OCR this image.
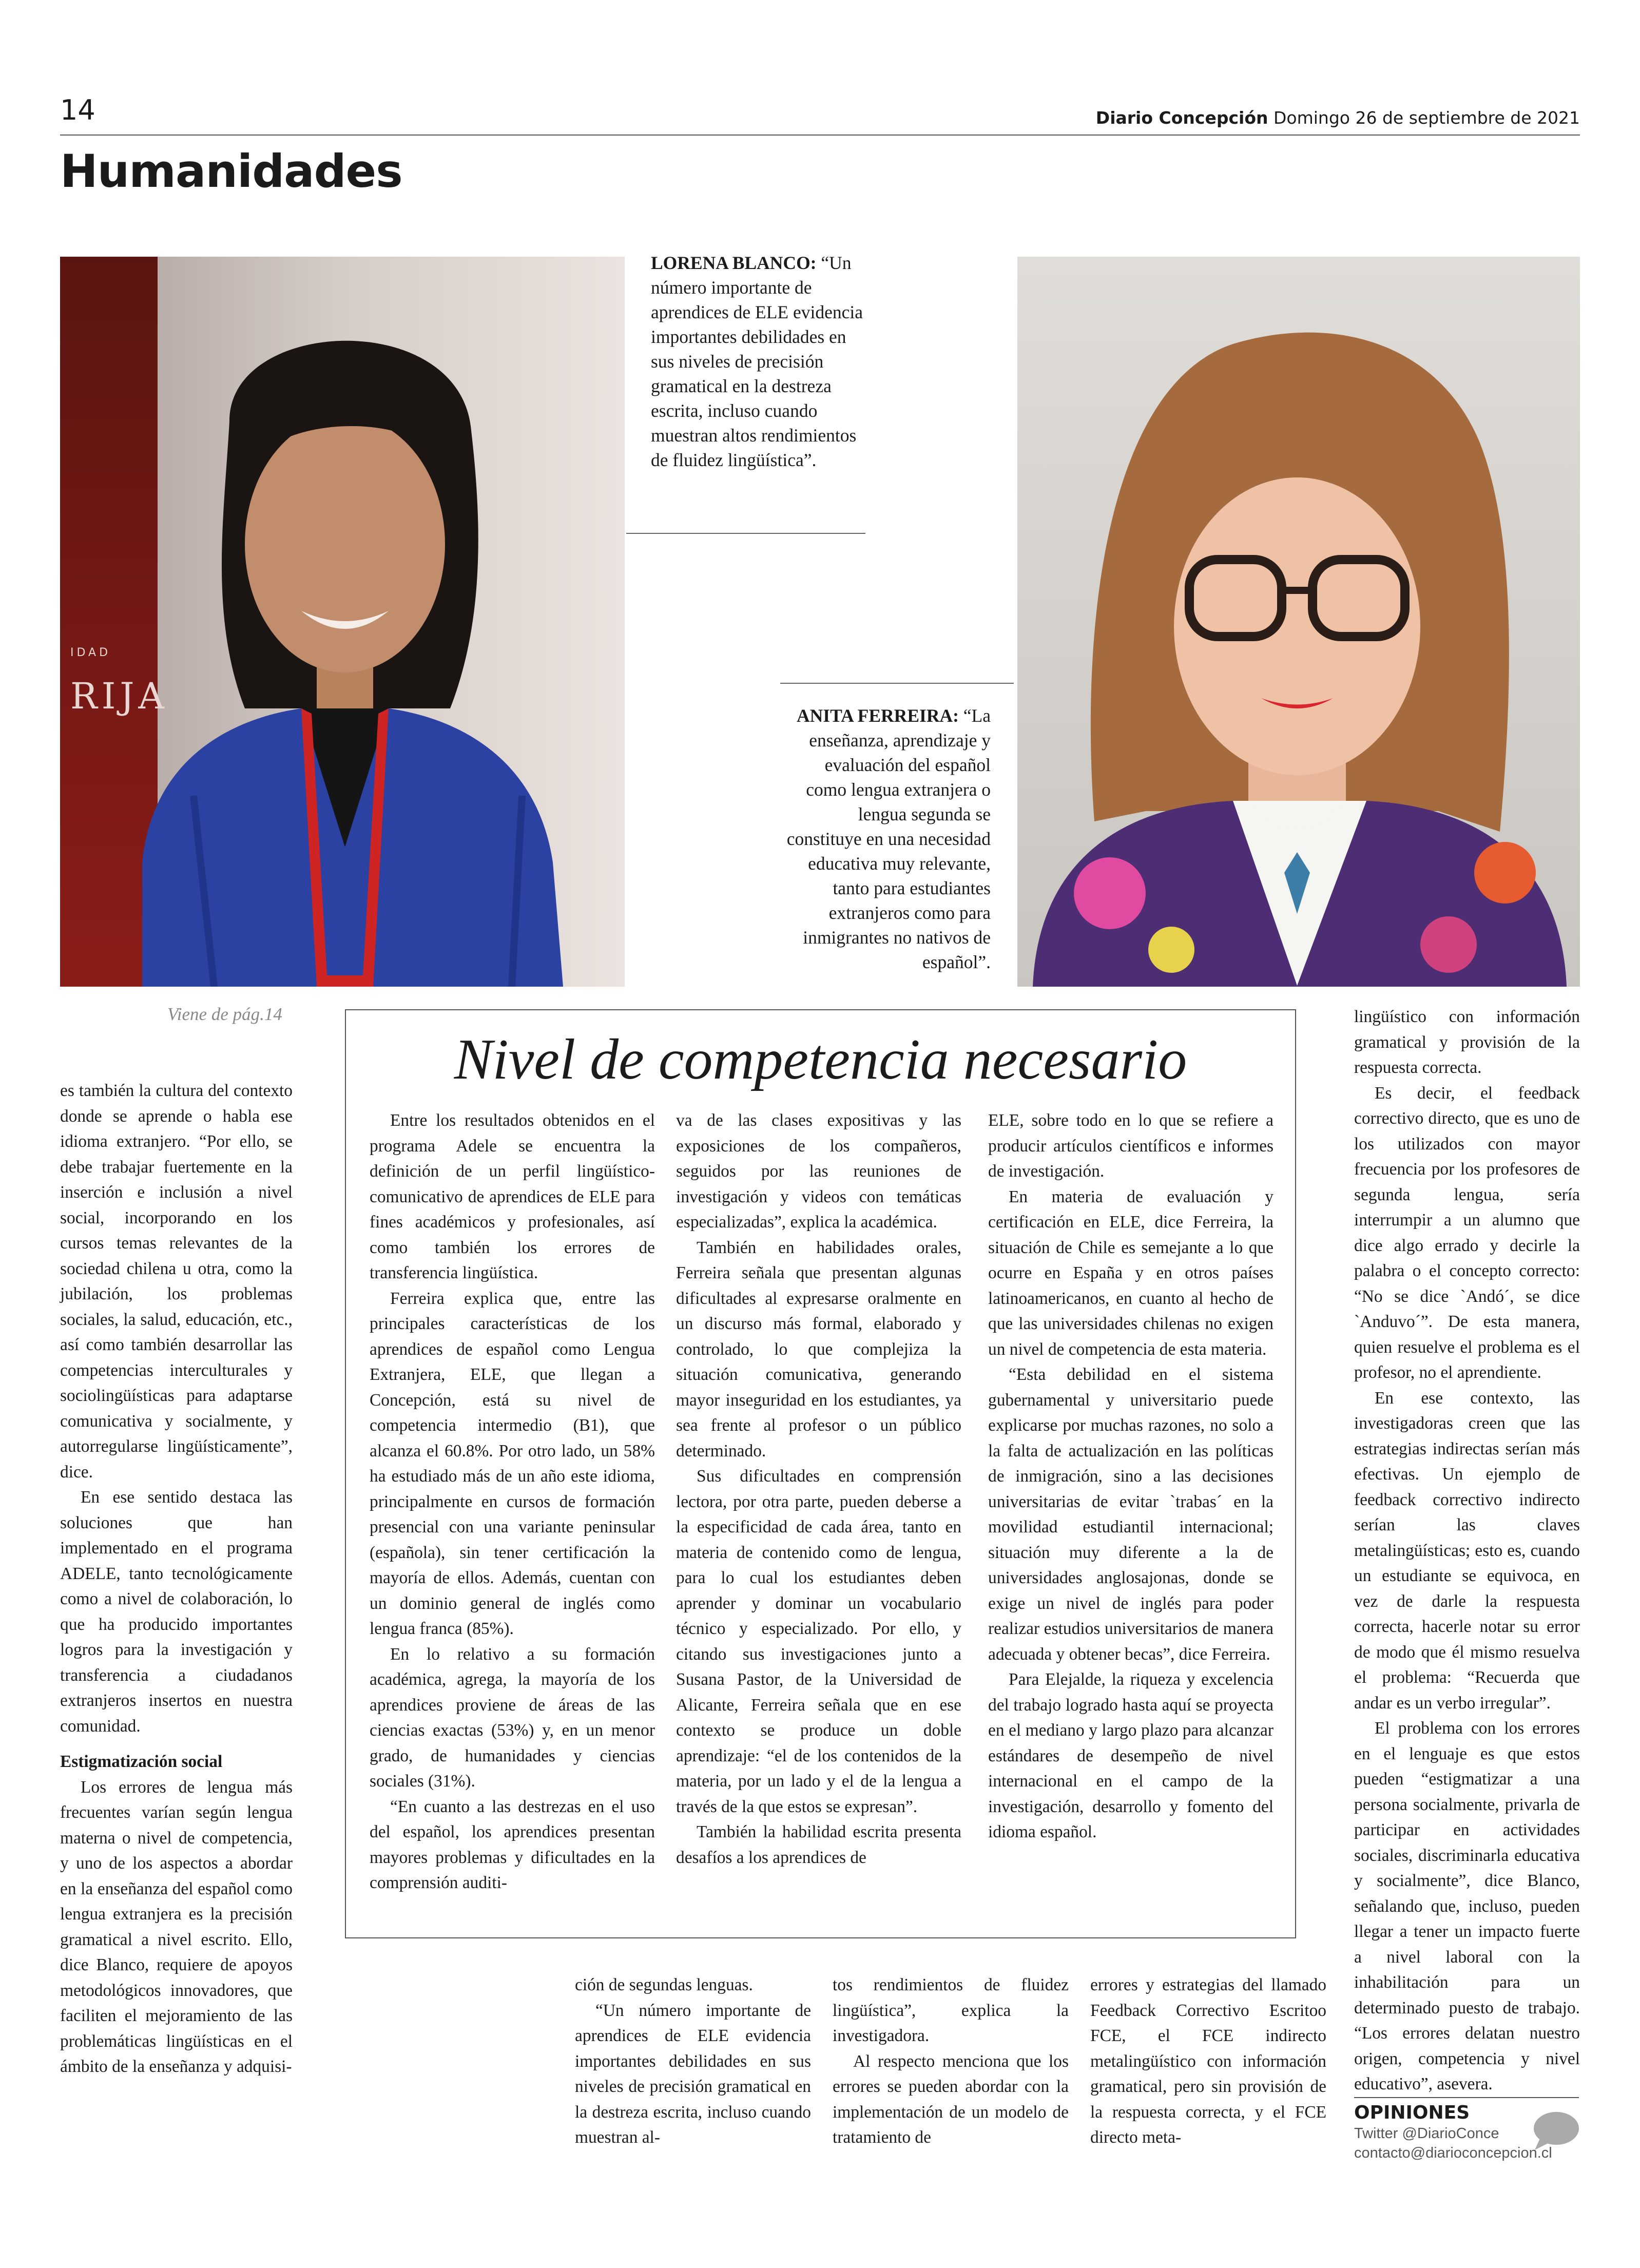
14	Diario Concepción Domingo 26 de septiembre de 2021
Humanidades
RIJA
IDAD
LORENA BLANCO: “Un número importante de aprendices de ELE evidencia importantes debilidades en sus niveles de precisión gramatical en la destreza escrita, incluso cuando muestran altos rendimientos de fluidez lingüística”.
ANITA FERREIRA: “La enseñanza, aprendizaje y evaluación del español como lengua extranjera o lengua segunda se constituye en una necesidad educativa muy relevante, tanto para estudiantes extranjeros como para inmigrantes no nativos de español”.
Viene de pág.14

es también la cultura del contexto donde se aprende o habla ese idioma extranjero. “Por ello, se debe trabajar fuertemente en la inserción e inclusión a nivel social, incorporando en los cursos temas relevantes de la sociedad chilena u otra, como la jubilación, los problemas sociales, la salud, educación, etc., así como también desarrollar las competencias interculturales y sociolingüísticas para adaptarse comunicativa y socialmente, y autorregularse lingüísticamente”, dice.

En ese sentido destaca las soluciones que han implementado en el programa ADELE, tanto tecnológicamente como a nivel de colaboración, lo que ha producido importantes logros para la investigación y transferencia a ciudadanos extranjeros insertos en nuestra comunidad.

Estigmatización social

Los errores de lengua más frecuentes varían según lengua materna o nivel de competencia, y uno de los aspectos a abordar en la enseñanza del español como lengua extranjera es la precisión gramatical a nivel escrito. Ello, dice Blanco, requiere de apoyos metodológicos innovadores, que faciliten el mejoramiento de las problemáticas lingüísticas en el ámbito de la enseñanza y adquisi-

Nivel de competencia necesario

Entre los resultados obtenidos en el programa Adele se encuentra la definición de un perfil lingüístico-comunicativo de aprendices de ELE para fines académicos y profesionales, así como también los errores de transferencia lingüística.

Ferreira explica que, entre las principales características de los aprendices de español como Lengua Extranjera, ELE, que llegan a Concepción, está su nivel de competencia intermedio (B1), que alcanza el 60.8%. Por otro lado, un 58% ha estudiado más de un año este idioma, principalmente en cursos de formación presencial con una variante peninsular (española), sin tener certificación la mayoría de ellos. Además, cuentan con un dominio general de inglés como lengua franca (85%).

En lo relativo a su formación académica, agrega, la mayoría de los aprendices proviene de áreas de las ciencias exactas (53%) y, en un menor grado, de humanidades y ciencias sociales (31%).

“En cuanto a las destrezas en el uso del español, los aprendices presentan mayores problemas y dificultades en la comprensión auditi-

va de las clases expositivas y las exposiciones de los compañeros, seguidos por las reuniones de investigación y videos con temáticas especializadas”, explica la académica.

También en habilidades orales, Ferreira señala que presentan algunas dificultades al expresarse oralmente en un discurso más formal, elaborado y controlado, lo que complejiza la situación comunicativa, generando mayor inseguridad en los estudiantes, ya sea frente al profesor o un público determinado.

Sus dificultades en comprensión lectora, por otra parte, pueden deberse a la especificidad de cada área, tanto en materia de contenido como de lengua, para lo cual los estudiantes deben aprender y dominar un vocabulario técnico y especializado. Por ello, y citando sus investigaciones junto a Susana Pastor, de la Universidad de Alicante, Ferreira señala que en ese contexto se produce un doble aprendizaje: “el de los contenidos de la materia, por un lado y el de la lengua a través de la que estos se expresan”.

También la habilidad escrita presenta desafíos a los aprendices de

ELE, sobre todo en lo que se refiere a producir artículos científicos e informes de investigación.

En materia de evaluación y certificación en ELE, dice Ferreira, la situación de Chile es semejante a lo que ocurre en España y en otros países latinoamericanos, en cuanto al hecho de que las universidades chilenas no exigen un nivel de competencia de esta materia.

“Esta debilidad en el sistema gubernamental y universitario puede explicarse por muchas razones, no solo a la falta de actualización en las políticas de inmigración, sino a las decisiones universitarias de evitar `trabas´ en la movilidad estudiantil internacional; situación muy diferente a la de universidades anglosajonas, donde se exige un nivel de inglés para poder realizar estudios universitarios de manera adecuada y obtener becas”, dice Ferreira.

Para Elejalde, la riqueza y excelencia del trabajo logrado hasta aquí se proyecta en el mediano y largo plazo para alcanzar estándares de desempeño de nivel internacional en el campo de la investigación, desarrollo y fomento del idioma español.

ción de segundas lenguas.

“Un número importante de aprendices de ELE evidencia importantes debilidades en sus niveles de precisión gramatical en la destreza escrita, incluso cuando muestran al-

tos rendimientos de fluidez lingüística”, explica la investigadora.

Al respecto menciona que los errores se pueden abordar con la implementación de un modelo de tratamiento de

errores y estrategias del llamado Feedback Correctivo Escritoo FCE, el FCE indirecto metalingüístico con información gramatical, pero sin provisión de la respuesta correcta, y el FCE directo meta-

lingüístico con información gramatical y provisión de la respuesta correcta.

Es decir, el feedback correctivo directo, que es uno de los utilizados con mayor frecuencia por los profesores de segunda lengua, sería interrumpir a un alumno que dice algo errado y decirle la palabra o el concepto correcto: “No se dice `Andó´, se dice `Anduvo´”. De esta manera, quien resuelve el problema es el profesor, no el aprendiente.

En ese contexto, las investigadoras creen que las estrategias indirectas serían más efectivas. Un ejemplo de feedback correctivo indirecto serían las claves metalingüísticas; esto es, cuando un estudiante se equivoca, en vez de darle la respuesta correcta, hacerle notar su error de modo que él mismo resuelva el problema: “Recuerda que andar es un verbo irregular”.

El problema con los errores en el lenguaje es que estos pueden “estigmatizar a una persona socialmente, privarla de participar en actividades sociales, discriminarla educativa y socialmente”, dice Blanco, señalando que, incluso, pueden llegar a tener un impacto fuerte a nivel laboral con la inhabilitación para un determinado puesto de trabajo. “Los errores delatan nuestro origen, competencia y nivel educativo”, asevera.

OPINIONES
Twitter @DiarioConce
contacto@diarioconcepcion.cl
